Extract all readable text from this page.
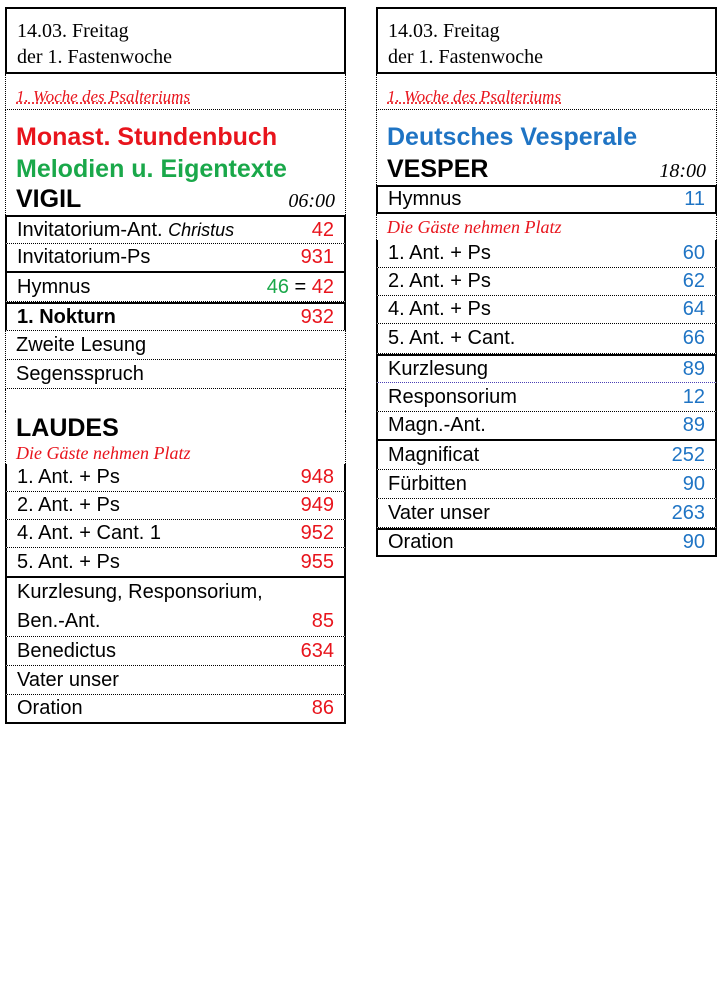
14.03. Freitag
der 1. Fastenwoche
1. Woche des Psalteriums
Monast. Stundenbuch
Melodien u. Eigentexte
VIGIL	06:00
Invitatorium-Ant. Christus	42
Invitatorium-Ps	931
Hymnus	46 = 42
1. Nokturn	932
Zweite Lesung
Segensspruch
LAUDES
Die Gäste nehmen Platz
1. Ant. + Ps	948
2. Ant. + Ps	949
4. Ant. + Cant. 1	952
5. Ant. + Ps	955
Kurzlesung, Responsorium,
Ben.-Ant.	85
Benedictus	634
Vater unser
Oration	86
14.03. Freitag
der 1. Fastenwoche
1. Woche des Psalteriums
Deutsches Vesperale
VESPER	18:00
Hymnus	11
Die Gäste nehmen Platz
1. Ant. + Ps	60
2. Ant. + Ps	62
4. Ant. + Ps	64
5. Ant. + Cant.	66
Kurzlesung	89
Responsorium	12
Magn.-Ant.	89
Magnificat	252
Fürbitten	90
Vater unser	263
Oration	90
